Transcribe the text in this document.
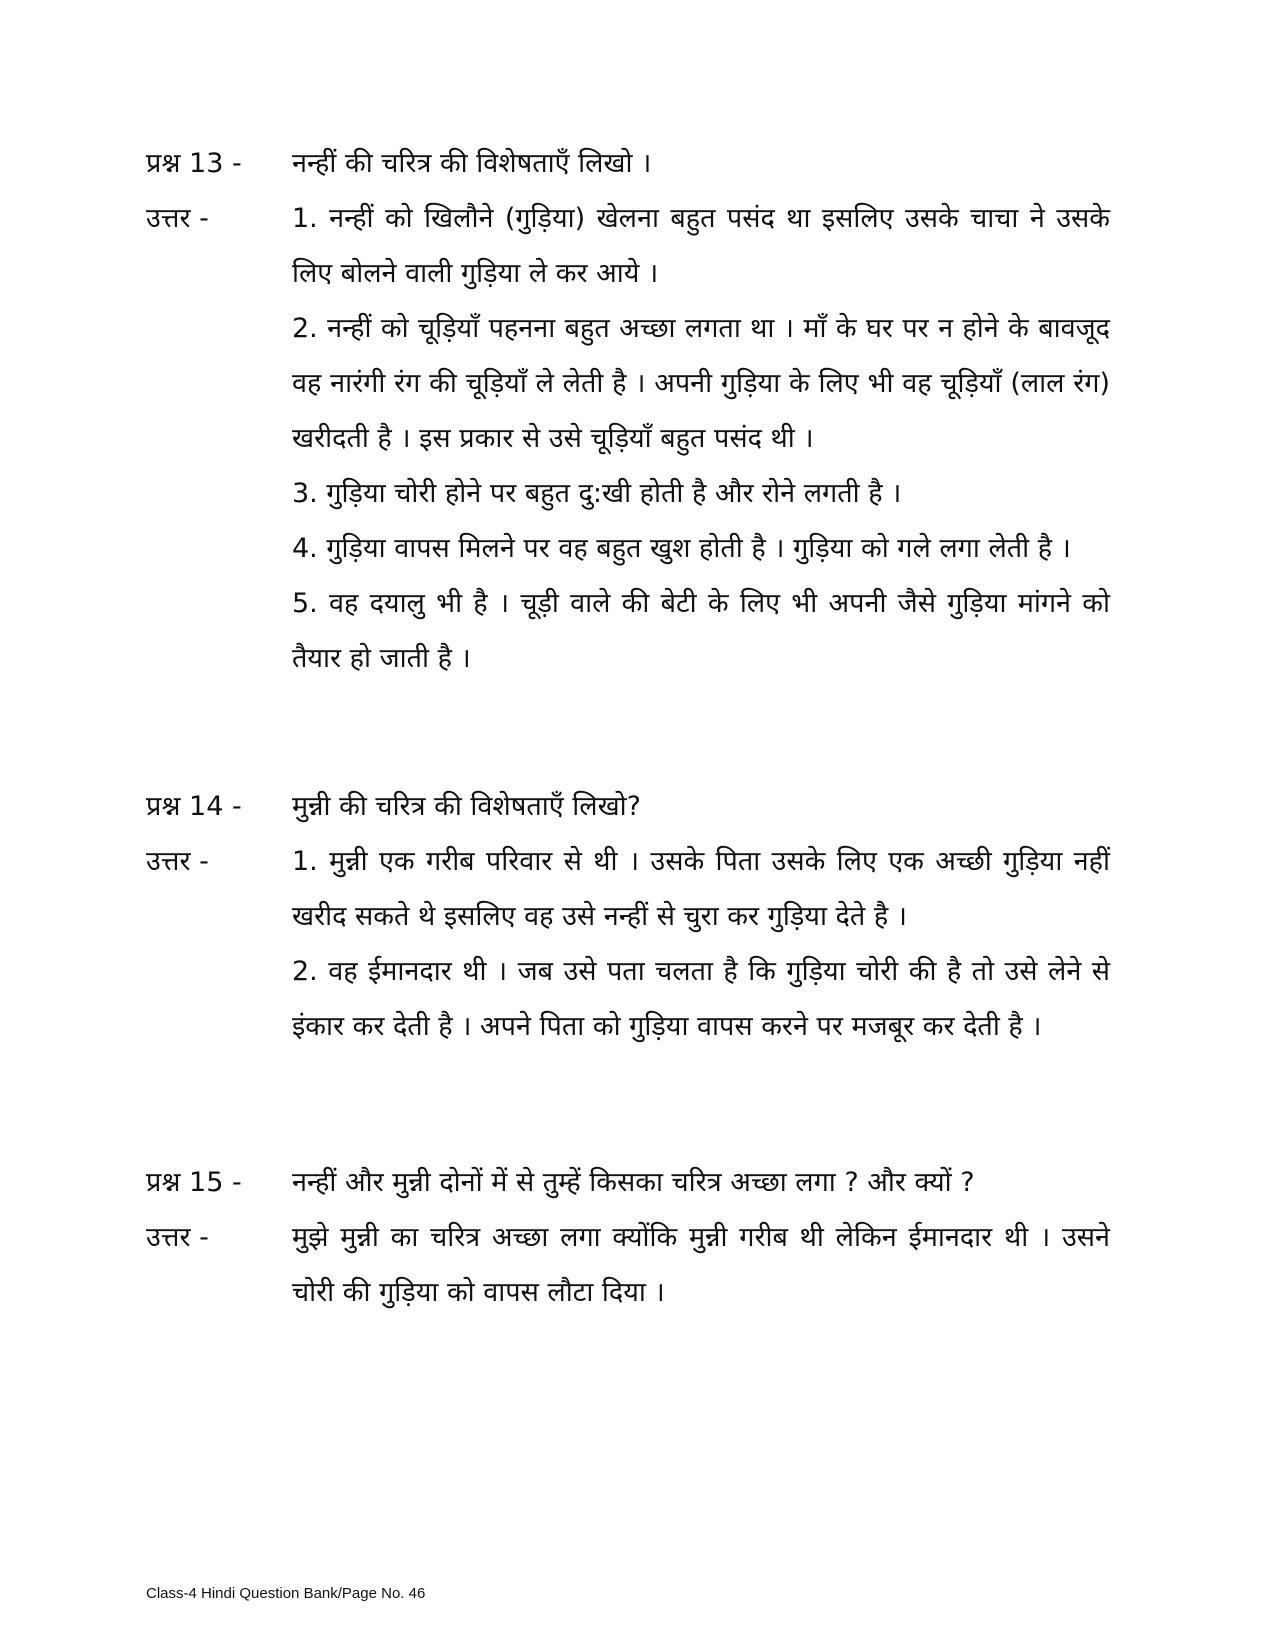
प्रश्न 13 -	नन्हीं की चरित्र की विशेषताएँ लिखो ।

उत्तर -	1. नन्हीं को खिलौने (गुड़िया) खेलना बहुत पसंद था इसलिए उसके चाचा ने उसके लिए बोलने वाली गुड़िया ले कर आये ।

2. नन्हीं को चूड़ियाँ पहनना बहुत अच्छा लगता था । माँ के घर पर न होने के बावजूद वह नारंगी रंग की चूड़ियाँ ले लेती है । अपनी गुड़िया के लिए भी वह चूड़ियाँ (लाल रंग) खरीदती है । इस प्रकार से उसे चूड़ियाँ बहुत पसंद थी ।

3. गुड़िया चोरी होने पर बहुत दु:खी होती है और रोने लगती है ।

4. गुड़िया वापस मिलने पर वह बहुत खुश होती है । गुड़िया को गले लगा लेती है ।

5. वह दयालु भी है । चूड़ी वाले की बेटी के लिए भी अपनी जैसे गुड़िया मांगने को तैयार हो जाती है ।

प्रश्न 14 -	मुन्नी की चरित्र की विशेषताएँ लिखो?

उत्तर -	1. मुन्नी एक गरीब परिवार से थी । उसके पिता उसके लिए एक अच्छी गुड़िया नहीं खरीद सकते थे इसलिए वह उसे नन्हीं से चुरा कर गुड़िया देते है ।

2. वह ईमानदार थी । जब उसे पता चलता है कि गुड़िया चोरी की है तो उसे लेने से इंकार कर देती है । अपने पिता को गुड़िया वापस करने पर मजबूर कर देती है ।

प्रश्न 15 -	नन्हीं और मुन्नी दोनों में से तुम्हें किसका चरित्र अच्छा लगा ? और क्यों ?

उत्तर -	मुझे मुन्नी का चरित्र अच्छा लगा क्योंकि मुन्नी गरीब थी लेकिन ईमानदार थी । उसने चोरी की गुड़िया को वापस लौटा दिया ।

Class-4 Hindi Question Bank/Page No. 46
